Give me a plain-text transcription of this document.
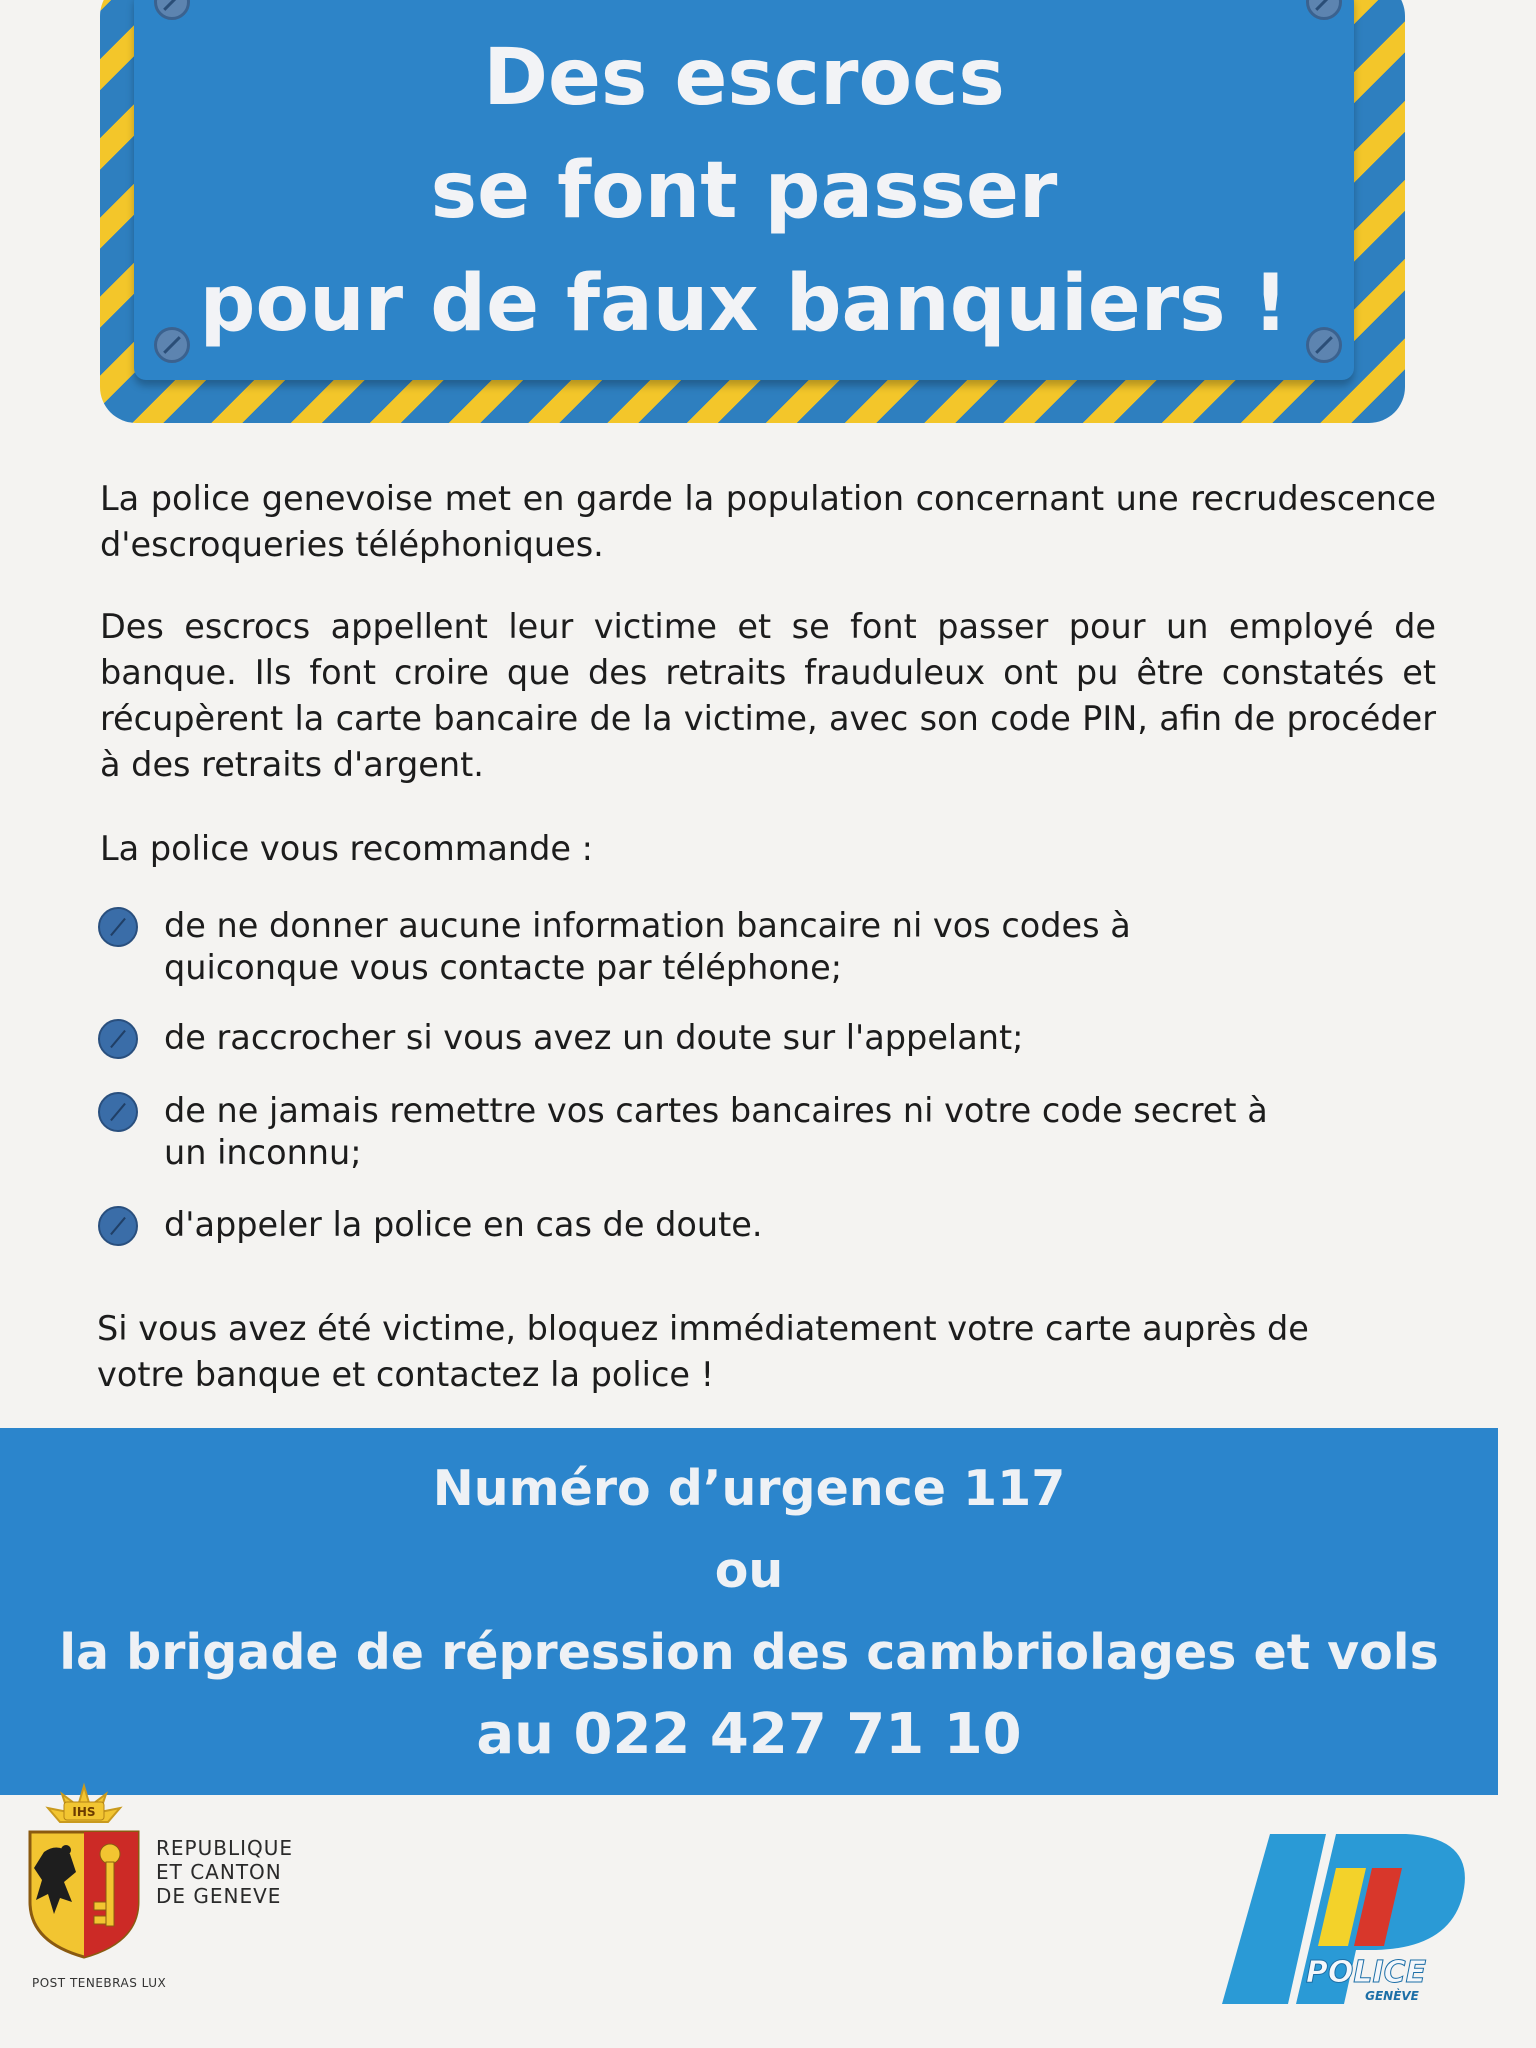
Des escrocs
se font passer
pour de faux banquiers !

La police genevoise met en garde la population concernant une recrudescence d'escroqueries téléphoniques.

Des escrocs appellent leur victime et se font passer pour un employé de banque. Ils font croire que des retraits frauduleux ont pu être constatés et récupèrent la carte bancaire de la victime, avec son code PIN, afin de procéder à des retraits d'argent.

La police vous recommande :

de ne donner aucune information bancaire ni vos codes à quiconque vous contacte par téléphone;
de raccrocher si vous avez un doute sur l'appelant;
de ne jamais remettre vos cartes bancaires ni votre code secret à un inconnu;
d'appeler la police en cas de doute.

Si vous avez été victime, bloquez immédiatement votre carte auprès de votre banque et contactez la police !

Numéro d’urgence 117
ou
la brigade de répression des cambriolages et vols
au 022 427 71 10
IHS
REPUBLIQUE
ET CANTON
DE GENEVE
POST TENEBRAS LUX	POLICE
GENÈVE
